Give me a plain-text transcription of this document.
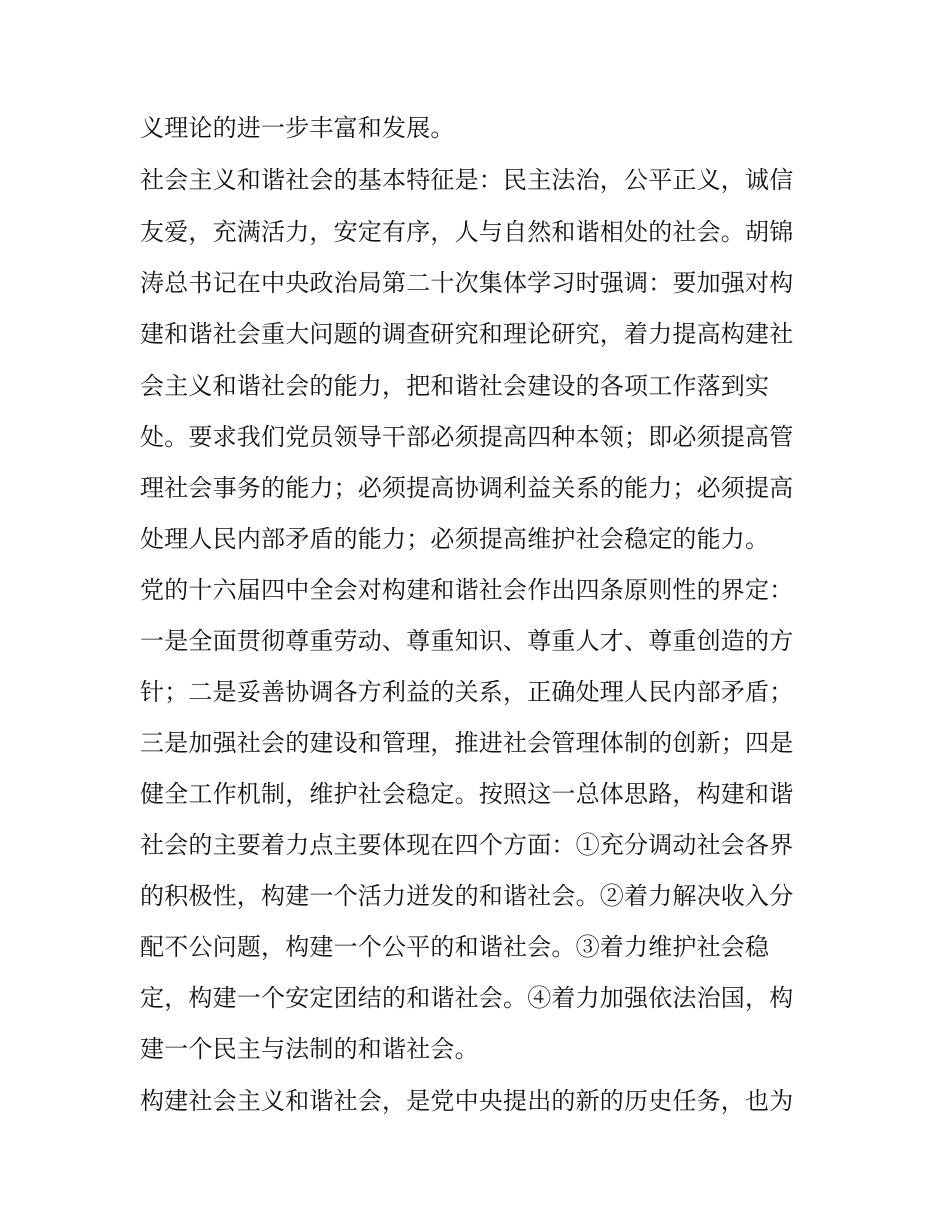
义理论的进一步丰富和发展。
社会主义和谐社会的基本特征是：民主法治，公平正义，诚信
友爱，充满活力，安定有序，人与自然和谐相处的社会。胡锦
涛总书记在中央政治局第二十次集体学习时强调：要加强对构
建和谐社会重大问题的调查研究和理论研究，着力提高构建社
会主义和谐社会的能力，把和谐社会建设的各项工作落到实
处。要求我们党员领导干部必须提高四种本领；即必须提高管
理社会事务的能力；必须提高协调利益关系的能力；必须提高
处理人民内部矛盾的能力；必须提高维护社会稳定的能力。
党的十六届四中全会对构建和谐社会作出四条原则性的界定：
一是全面贯彻尊重劳动、尊重知识、尊重人才、尊重创造的方
针；二是妥善协调各方利益的关系，正确处理人民内部矛盾；
三是加强社会的建设和管理，推进社会管理体制的创新；四是
健全工作机制，维护社会稳定。按照这一总体思路，构建和谐
社会的主要着力点主要体现在四个方面：①充分调动社会各界
的积极性，构建一个活力迸发的和谐社会。②着力解决收入分
配不公问题，构建一个公平的和谐社会。③着力维护社会稳
定，构建一个安定团结的和谐社会。④着力加强依法治国，构
建一个民主与法制的和谐社会。
构建社会主义和谐社会，是党中央提出的新的历史任务，也为
